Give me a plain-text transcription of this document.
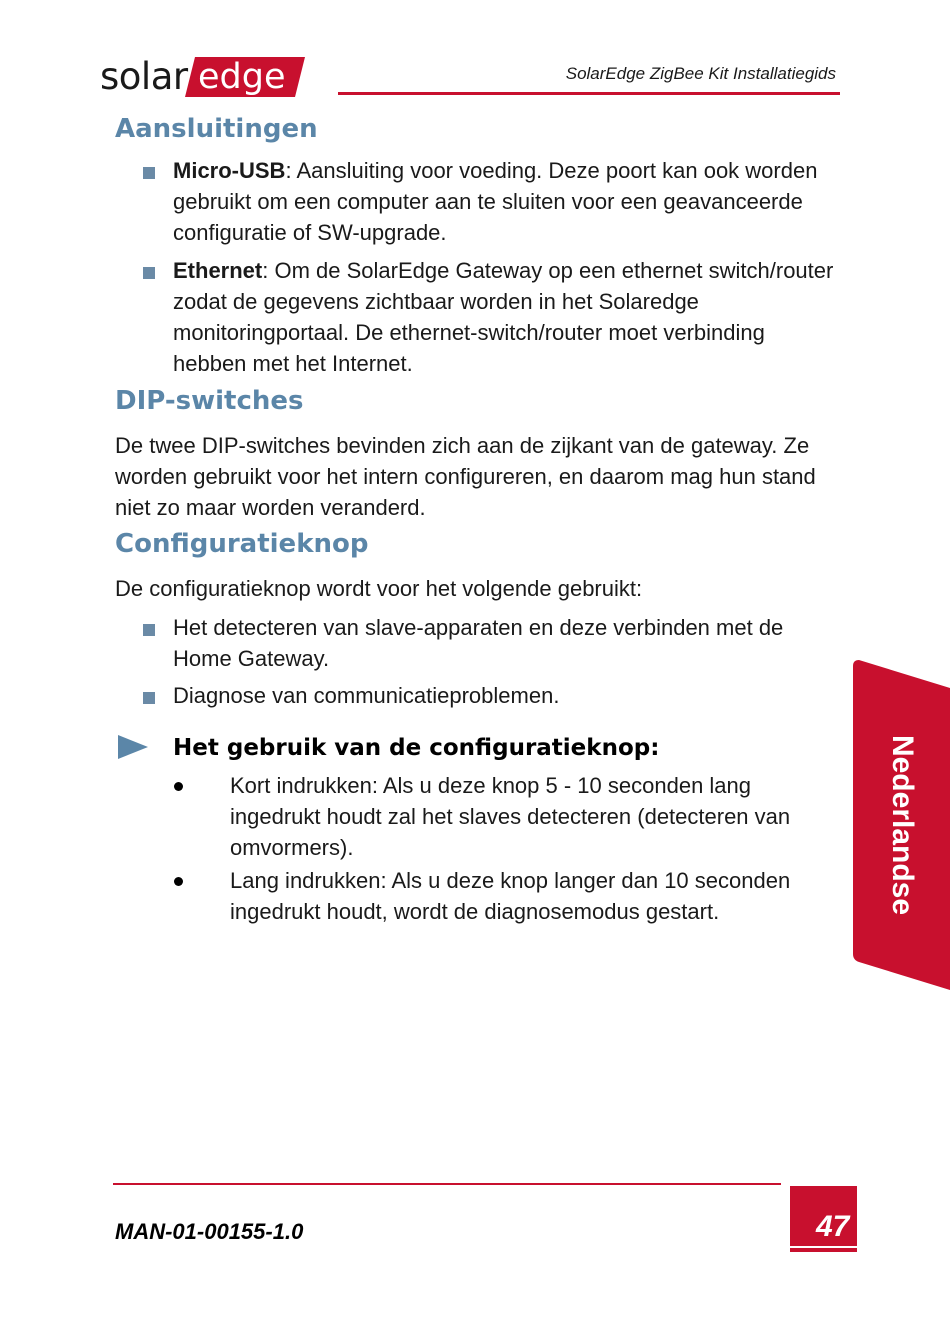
solar edge	SolarEdge ZigBee Kit Installatiegids
Aansluitingen
Micro-USB: Aansluiting voor voeding. Deze poort kan ook worden gebruikt om een computer aan te sluiten voor een geavanceerde configuratie of SW-upgrade.
Ethernet: Om de SolarEdge Gateway op een ethernet switch/router zodat de gegevens zichtbaar worden in het Solaredge monitoringportaal. De ethernet-switch/router moet verbinding hebben met het Internet.
DIP-switches
De twee DIP-switches bevinden zich aan de zijkant van de gateway. Ze worden gebruikt voor het intern configureren, en daarom mag hun stand niet zo maar worden veranderd.
Configuratieknop
De configuratieknop wordt voor het volgende gebruikt:
Het detecteren van slave-apparaten en deze verbinden met de Home Gateway.
Diagnose van communicatieproblemen.
Het gebruik van de configuratieknop:
Kort indrukken: Als u deze knop 5 - 10 seconden lang ingedrukt houdt zal het slaves detecteren (detecteren van omvormers).
Lang indrukken: Als u deze knop langer dan 10 seconden ingedrukt houdt, wordt de diagnosemodus gestart.	Nederlandse
MAN-01-00155-1.0	47
